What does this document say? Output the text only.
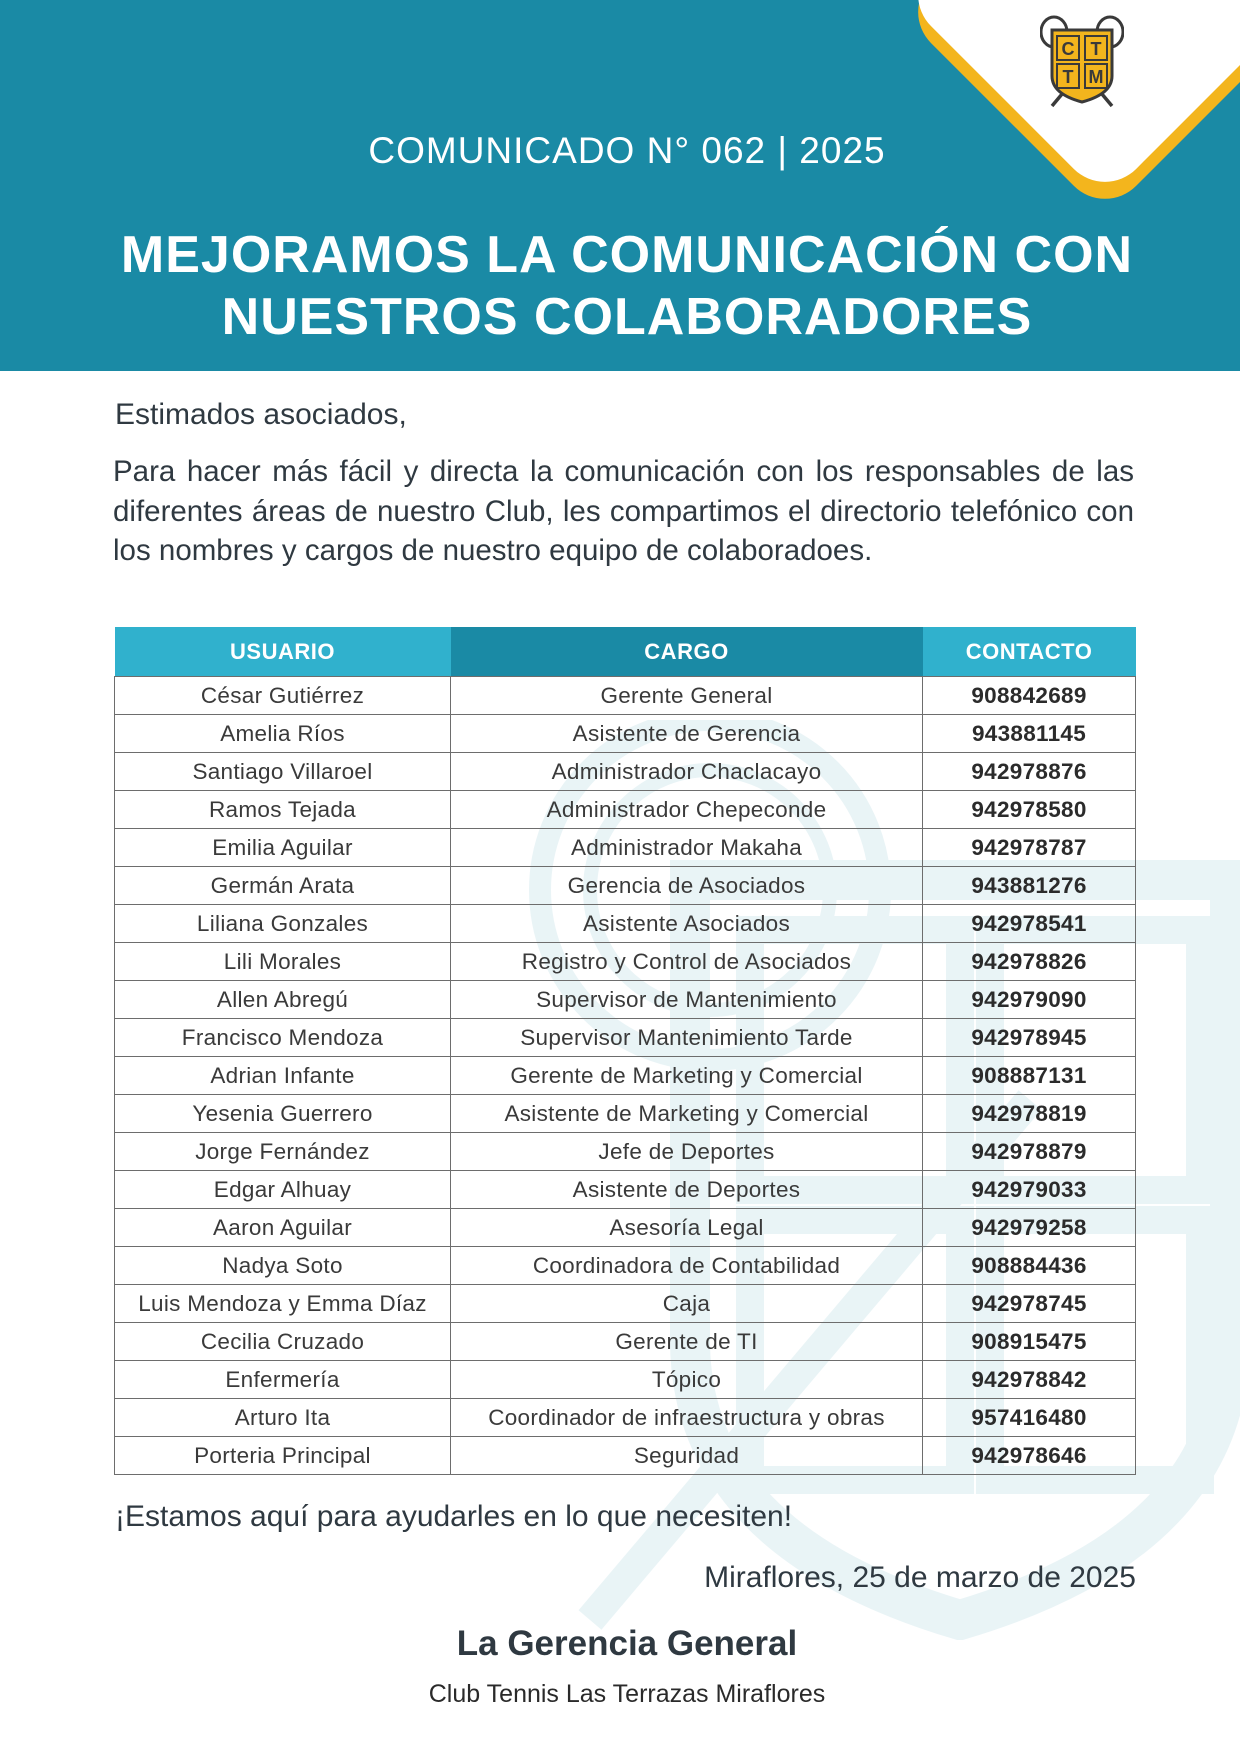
C T
T M
COMUNICADO N° 062 | 2025
MEJORAMOS LA COMUNICACIÓN CON
NUESTROS COLABORADORES
Estimados asociados,
Para hacer más fácil y directa la comunicación con los responsables de las diferentes áreas de nuestro Club, les compartimos el directorio telefónico con los nombres y cargos de nuestro equipo de colaboradoes.
USUARIO	CARGO	CONTACTO
César Gutiérrez	Gerente General	908842689
Amelia Ríos	Asistente de Gerencia	943881145
Santiago Villaroel	Administrador Chaclacayo	942978876
Ramos Tejada	Administrador Chepeconde	942978580
Emilia Aguilar	Administrador Makaha	942978787
Germán Arata	Gerencia de Asociados	943881276
Liliana Gonzales	Asistente Asociados	942978541
Lili Morales	Registro y Control de Asociados	942978826
Allen Abregú	Supervisor de Mantenimiento	942979090
Francisco Mendoza	Supervisor Mantenimiento Tarde	942978945
Adrian Infante	Gerente de Marketing y Comercial	908887131
Yesenia Guerrero	Asistente de Marketing y Comercial	942978819
Jorge Fernández	Jefe de Deportes	942978879
Edgar Alhuay	Asistente de Deportes	942979033
Aaron Aguilar	Asesoría Legal	942979258
Nadya Soto	Coordinadora de Contabilidad	908884436
Luis Mendoza y Emma Díaz	Caja	942978745
Cecilia Cruzado	Gerente de TI	908915475
Enfermería	Tópico	942978842
Arturo Ita	Coordinador de infraestructura y obras	957416480
Porteria Principal	Seguridad	942978646
¡Estamos aquí para ayudarles en lo que necesiten!
Miraflores, 25 de marzo de 2025
La Gerencia General
Club Tennis Las Terrazas Miraflores
